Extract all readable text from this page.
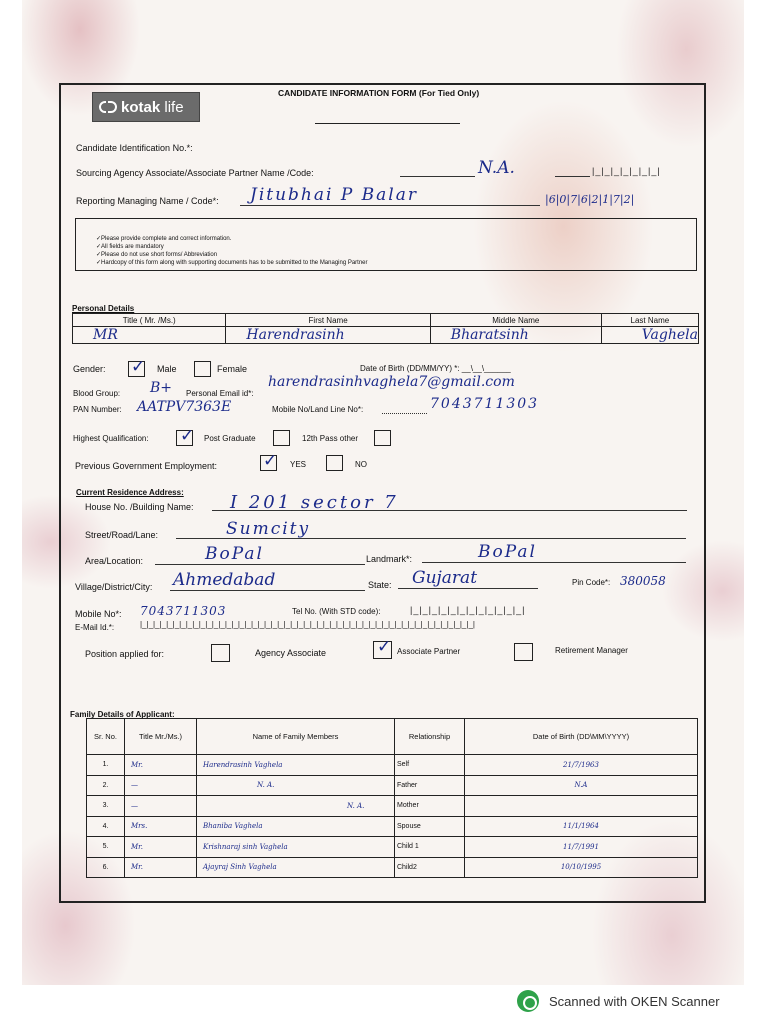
kotak
life
CANDIDATE INFORMATION FORM (For Tied Only)
Candidate Identification No.*:
Sourcing Agency Associate/Associate Partner Name /Code:	N.A.	|_|_|_|_|_|_|_|
Reporting Managing Name / Code*: Jitubhai P Balar	|6|0|7|6|2|1|7|2|
✓Please provide complete and correct information.
✓All fields are mandatory
✓Please do not use short forms/ Abbreviation
✓Hardcopy of this form along with supporting documents has to be submitted to the Managing Partner
Personal Details
Title ( Mr. /Ms.)	First Name	Middle Name	Last Name
MR	Harendrasinh	Bharatsinh	Vaghela
Gender: ✓ Male	Female	Date of Birth (DD/MM/YY) *: __\__\______
Blood Group: B+ Personal Email id*:
harendrasinhvaghela7@gmail.com
PAN Number: AATPV7363E	Mobile No/Land Line No*:	7043711303
Highest Qualification: ✓ Post Graduate	12th Pass other
Previous Government Employment:	✓ YES	NO
Current Residence Address:
House No. /Building Name: I 201 sector 7
Street/Road/Lane:	Sumcity
Area/Location:	BoPal	Landmark*:	BoPal
Village/District/City: Ahmedabad	State: Gujarat	Pin Code*: 380058
Mobile No*: 7043711303	Tel No. (With STD code):	|_|_|_|_|_|_|_|_|_|_|_|_|
E-Mail Id.*:	|_|_|_|_|_|_|_|_|_|_|_|_|_|_|_|_|_|_|_|_|_|_|_|_|_|_|_|_|_|_|_|_|_|_|_|_|_|_|_|_|_|_|_|_|_|_|_|_|_|_|_|
Position applied for:	Agency Associate	✓ Associate Partner	Retirement Manager
Family Details of Applicant:
Sr. No.	Title Mr./Ms.)	Name of Family Members	Relationship	Date of Birth (DD\MM\YYYY)
1.	Mr.	Harendrasinh Vaghela	Self	21/7/1963
2.	—	N. A.	Father	N.A
3.	—	N. A.	Mother	
4.	Mrs.	Bhaniba Vaghela	Spouse	11/1/1964
5.	Mr.	Krishnaraj sinh Vaghela	Child 1	11/7/1991
6.	Mr.	Ajayraj Sinh Vaghela	Child2	10/10/1995
Scanned with OKEN Scanner
